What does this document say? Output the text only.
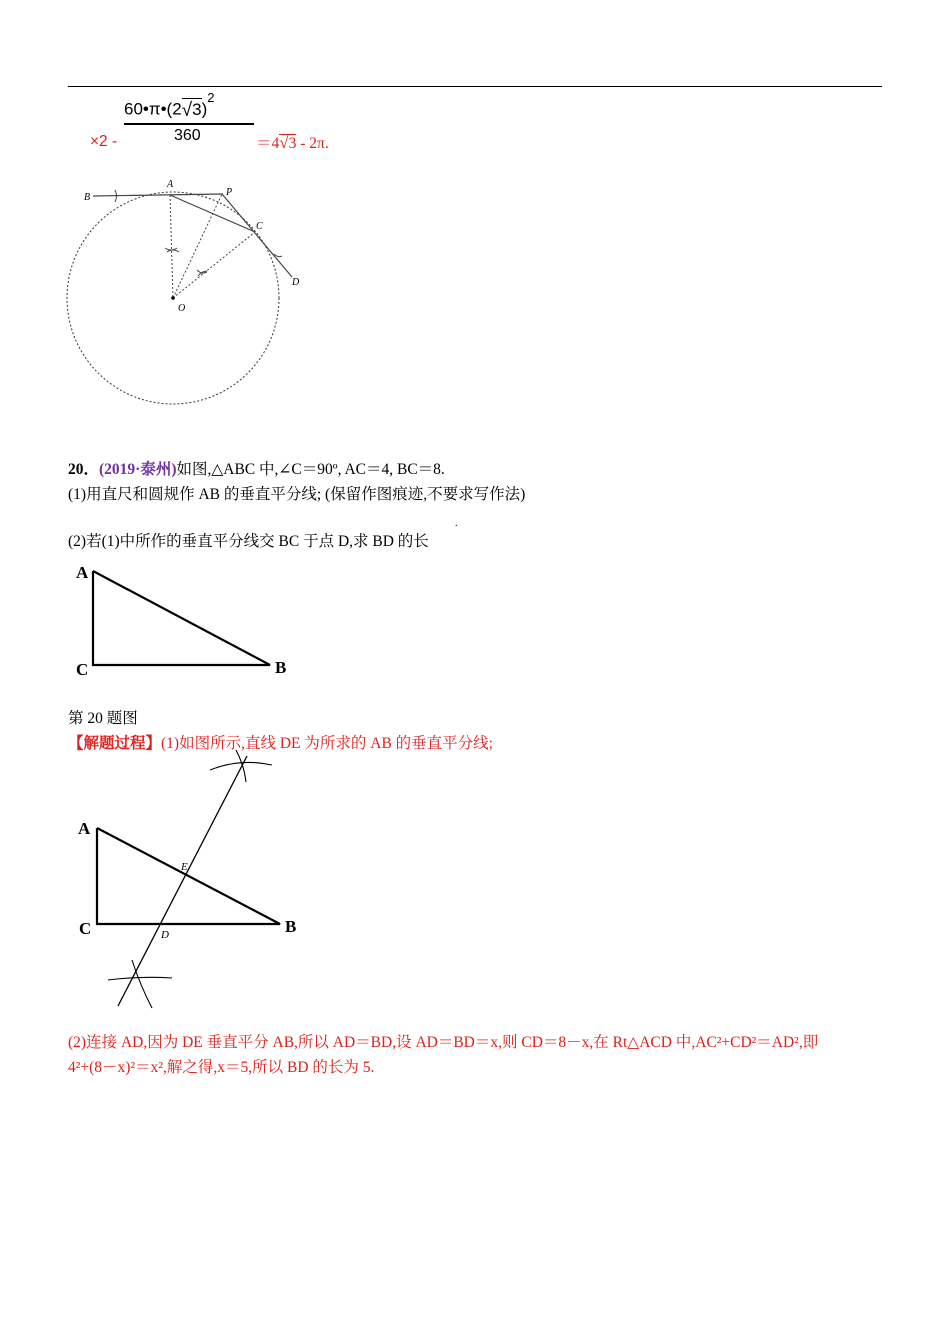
$60•\pi•(2√3)^2$
360
×2 -	＝4√3 - 2π.
B
A
P
C
D
O
20．(2019·泰州)如图,△ABC 中,∠C＝90º, AC＝4, BC＝8.
(1)用直尺和圆规作 AB 的垂直平分线; (保留作图痕迹,不要求写作法)
.
(2)若(1)中所作的垂直平分线交 BC 于点 D,求 BD 的长
A
C	B
第 20 题图
【解题过程】(1)如图所示,直线 DE 为所求的 AB 的垂直平分线;
A
C	B
E
D
(2)连接 AD,因为 DE 垂直平分 AB,所以 AD＝BD,设 AD＝BD＝x,则 CD＝8－x,在 Rt△ACD 中,AC²+CD²＝AD²,即
4²+(8－x)²＝x²,解之得,x＝5,所以 BD 的长为 5.
